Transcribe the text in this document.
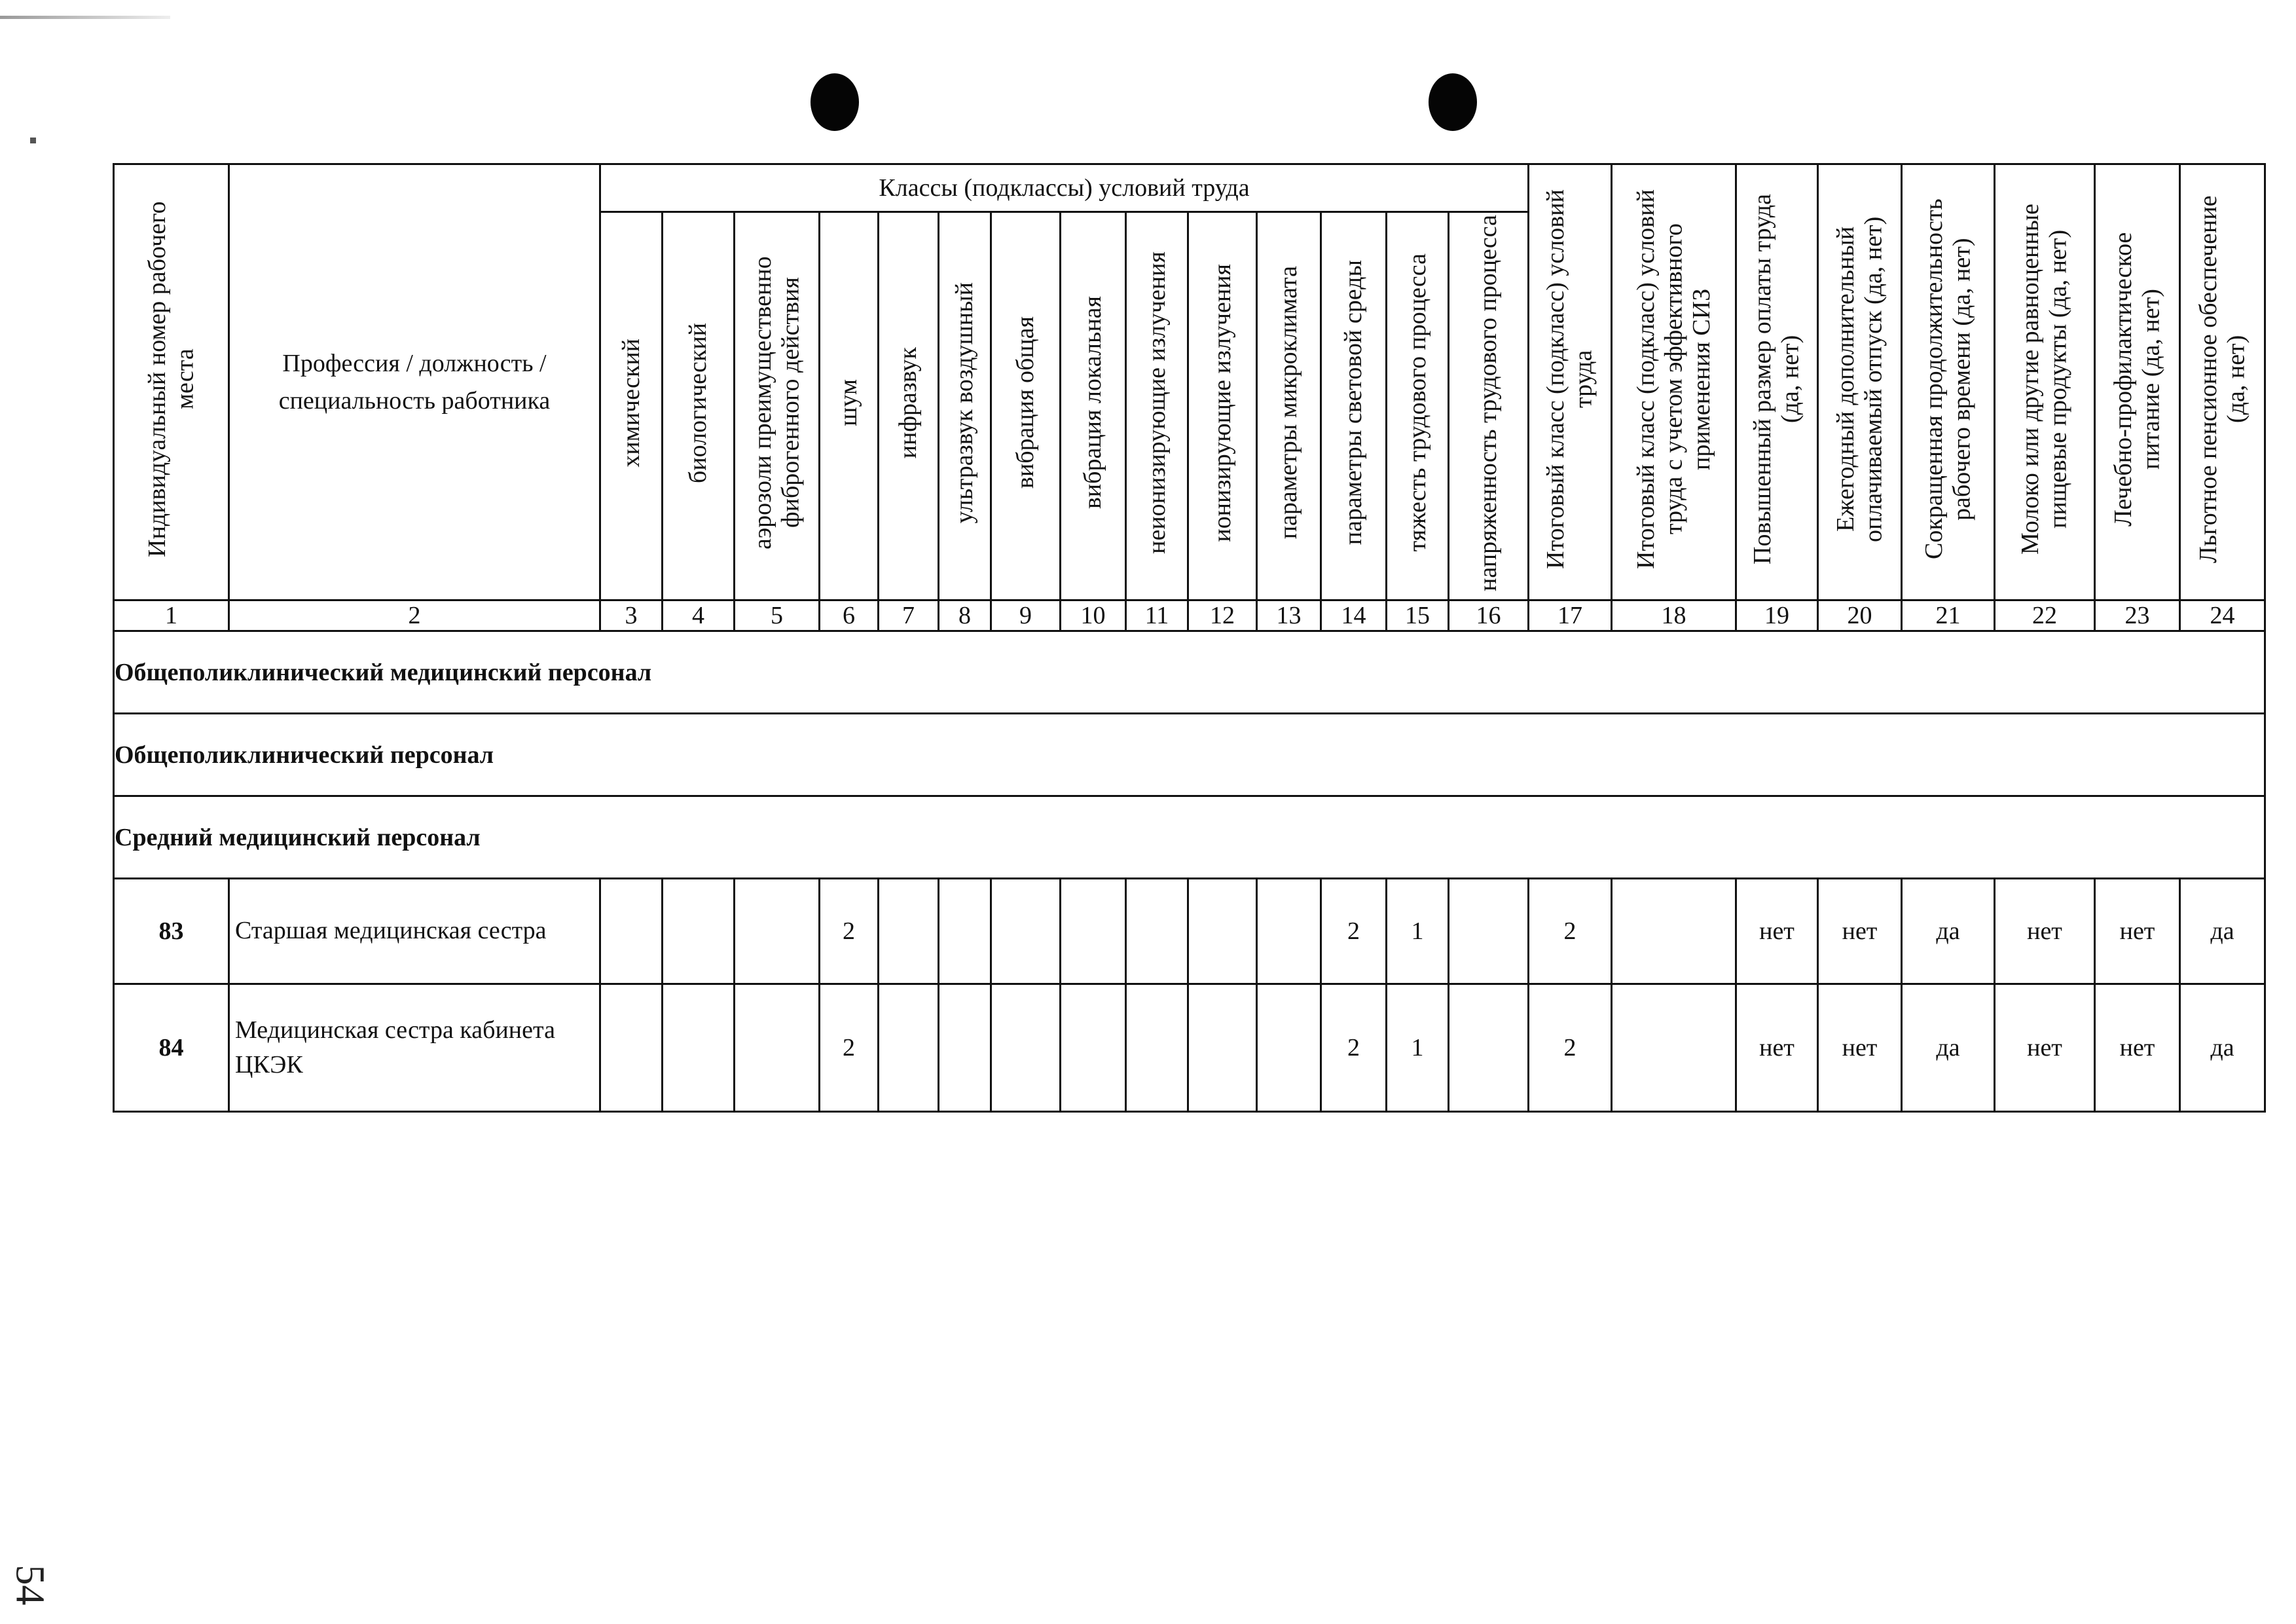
Индивидуальный номер рабочего места	Профессия / должность / специальность работника	Классы (подклассы) условий труда														Итоговый класс (подкласс) условий труда	Итоговый класс (подкласс) условий труда с учетом эффективного применения СИЗ	Повышенный размер оплаты труда (да, нет)	Ежегодный дополнительный оплачиваемый отпуск (да, нет)	Сокращенная продолжительность рабочего времени (да, нет)	Молоко или другие равноценные пищевые продукты (да, нет)	Лечебно-профилактическое питание (да, нет)	Льготное пенсионное обеспечение (да, нет)
		химический	биологический	аэрозоли преимущественно фиброгенного действия	шум	инфразвук	ультразвук воздушный	вибрация общая	вибрация локальная	неионизирующие излучения	ионизирующие излучения	параметры микроклимата	параметры световой среды	тяжесть трудового процесса	напряженность трудового процесса								
1	2	3	4	5	6	7	8	9	10	11	12	13	14	15	16	17	18	19	20	21	22	23	24
Общеполиклинический медицинский персонал																							
Общеполиклинический персонал																							
Средний медицинский персонал																							
83	Старшая медицинская сестра				2								2	1		2		нет	нет	да	нет	нет	да
84	Медицинская сестра кабинета ЦКЭК				2								2	1		2		нет	нет	да	нет	нет	да
54
